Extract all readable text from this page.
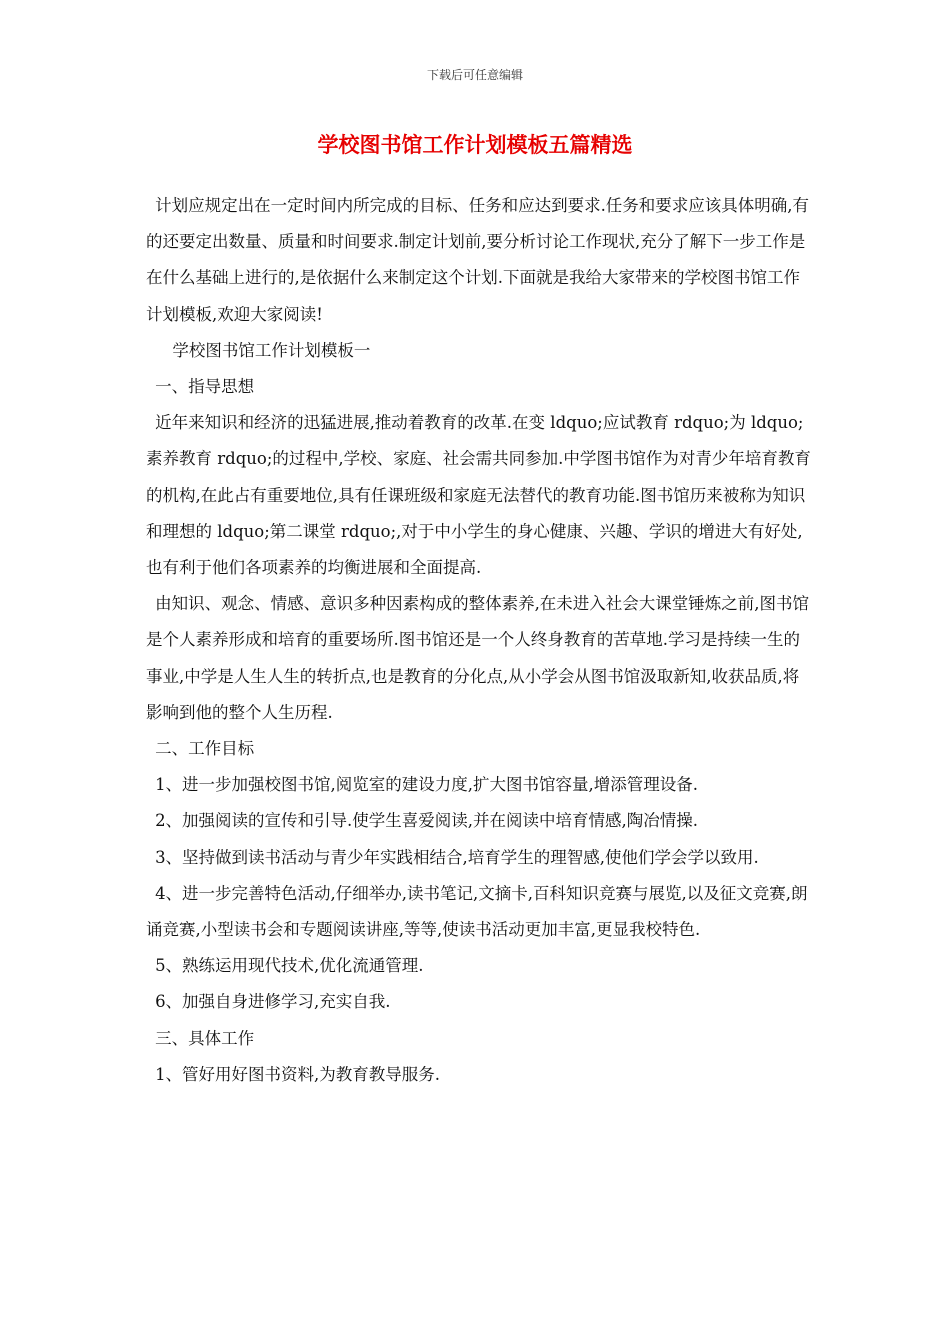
下载后可任意编辑
学校图书馆工作计划模板五篇精选

计划应规定出在一定时间内所完成的目标、任务和应达到要求.任务和要求应该具体明确,有的还要定出数量、质量和时间要求.制定计划前,要分析讨论工作现状,充分了解下一步工作是在什么基础上进行的,是依据什么来制定这个计划.下面就是我给大家带来的学校图书馆工作计划模板,欢迎大家阅读!

学校图书馆工作计划模板一

一、指导思想

近年来知识和经济的迅猛进展,推动着教育的改革.在变 ldquo;应试教育 rdquo;为 ldquo;素养教育 rdquo;的过程中,学校、家庭、社会需共同参加.中学图书馆作为对青少年培育教育的机构,在此占有重要地位,具有任课班级和家庭无法替代的教育功能.图书馆历来被称为知识和理想的 ldquo;第二课堂 rdquo;,对于中小学生的身心健康、兴趣、学识的增进大有好处,也有利于他们各项素养的均衡进展和全面提高.

由知识、观念、情感、意识多种因素构成的整体素养,在未进入社会大课堂锤炼之前,图书馆是个人素养形成和培育的重要场所.图书馆还是一个人终身教育的苦草地.学习是持续一生的事业,中学是人生人生的转折点,也是教育的分化点,从小学会从图书馆汲取新知,收获品质,将影响到他的整个人生历程.

二、工作目标

1、进一步加强校图书馆,阅览室的建设力度,扩大图书馆容量,增添管理设备.

2、加强阅读的宣传和引导.使学生喜爱阅读,并在阅读中培育情感,陶冶情操.

3、坚持做到读书活动与青少年实践相结合,培育学生的理智感,使他们学会学以致用.

4、进一步完善特色活动,仔细举办,读书笔记,文摘卡,百科知识竞赛与展览,以及征文竞赛,朗诵竞赛,小型读书会和专题阅读讲座,等等,使读书活动更加丰富,更显我校特色.

5、熟练运用现代技术,优化流通管理.

6、加强自身进修学习,充实自我.

三、具体工作

1、管好用好图书资料,为教育教导服务.
